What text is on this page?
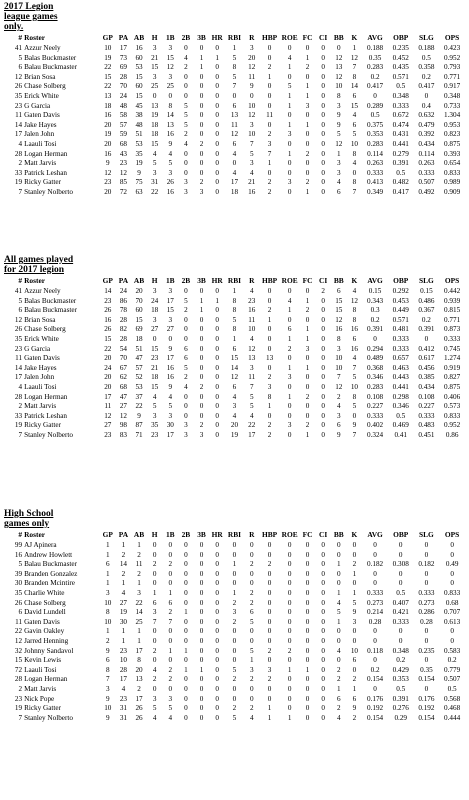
2017 Legion
league games
only.
#	Roster	GP	PA	AB	H	1B	2B	3B	HR	RBI	R	HBP	ROE	FC	CI	BB	K	AVG	OBP	SLG	OPS
41	Azzur Neely	10	17	16	3	3	0	0	0	1	3	0	0	0	0	0	1	0.188	0.235	0.188	0.423
5	Balas Buckmaster	19	73	60	21	15	4	1	1	5	20	0	4	1	0	12	12	0.35	0.452	0.5	0.952
6	Balau Buckmaster	22	69	53	15	12	2	1	0	8	12	2	1	2	0	13	7	0.283	0.435	0.358	0.793
12	Brian Sosa	15	28	15	3	3	0	0	0	5	11	1	0	0	0	12	8	0.2	0.571	0.2	0.771
26	Chase Solberg	22	70	60	25	25	0	0	0	7	9	0	5	1	0	10	14	0.417	0.5	0.417	0.917
35	Erick White	13	24	15	0	0	0	0	0	0	0	0	1	1	0	8	6	0	0.348	0	0.348
23	G Garcia	18	48	45	13	8	5	0	0	6	10	0	1	3	0	3	15	0.289	0.333	0.4	0.733
11	Gaten Davis	16	58	38	19	14	5	0	0	13	12	11	0	0	0	9	4	0.5	0.672	0.632	1.304
14	Jake Hayes	20	57	48	18	13	5	0	0	11	3	0	1	1	0	9	6	0.375	0.474	0.479	0.953
17	Jalen John	19	59	51	18	16	2	0	0	12	10	2	3	0	0	5	5	0.353	0.431	0.392	0.823
4	Laauli Tosi	20	68	53	15	9	4	2	0	6	7	3	0	0	0	12	10	0.283	0.441	0.434	0.875
28	Logan Herman	16	43	35	4	4	0	0	0	4	5	7	1	2	0	1	8	0.114	0.279	0.114	0.393
2	Matt Jarvis	9	23	19	5	5	0	0	0	0	3	1	0	0	0	3	4	0.263	0.391	0.263	0.654
33	Patrick Leshan	12	12	9	3	3	0	0	0	4	4	0	0	0	0	3	0	0.333	0.5	0.333	0.833
19	Ricky Gatter	23	85	75	31	26	3	2	0	17	21	2	3	2	0	4	8	0.413	0.482	0.507	0.989
7	Stanley Nolberto	20	72	63	22	16	3	3	0	18	16	2	0	1	0	6	7	0.349	0.417	0.492	0.909
All games played
for 2017 legion
#	Roster	GP	PA	AB	H	1B	2B	3B	HR	RBI	R	HBP	ROE	FC	CI	BB	K	AVG	OBP	SLG	OPS
41	Azzur Neely	14	24	20	3	3	0	0	0	1	4	0	0	0	2	6	4	0.15	0.292	0.15	0.442
5	Balas Buckmaster	23	86	70	24	17	5	1	1	8	23	0	4	1	0	15	12	0.343	0.453	0.486	0.939
6	Balau Buckmaster	26	78	60	18	15	2	1	0	8	16	2	1	2	0	15	8	0.3	0.449	0.367	0.815
12	Brian Sosa	16	28	15	3	3	0	0	0	5	11	1	0	0	0	12	8	0.2	0.571	0.2	0.771
26	Chase Solberg	26	82	69	27	27	0	0	0	8	10	0	6	1	0	16	16	0.391	0.481	0.391	0.873
35	Erick White	15	28	18	0	0	0	0	0	1	4	0	1	1	0	8	6	0	0.333	0	0.333
23	G Garcia	22	54	51	15	9	6	0	0	6	12	0	2	3	0	3	16	0.294	0.333	0.412	0.745
11	Gaten Davis	20	70	47	23	17	6	0	0	15	13	13	0	0	0	10	4	0.489	0.657	0.617	1.274
14	Jake Hayes	24	67	57	21	16	5	0	0	14	3	0	1	1	0	10	7	0.368	0.463	0.456	0.919
17	Jalen John	20	62	52	18	16	2	0	0	12	11	2	3	0	0	7	5	0.346	0.443	0.385	0.827
4	Laauli Tosi	20	68	53	15	9	4	2	0	6	7	3	0	0	0	12	10	0.283	0.441	0.434	0.875
28	Logan Herman	17	47	37	4	4	0	0	0	4	5	8	1	2	0	2	8	0.108	0.298	0.108	0.406
2	Matt Jarvis	11	27	22	5	5	0	0	0	3	5	1	0	0	0	4	5	0.227	0.346	0.227	0.573
33	Patrick Leshan	12	12	9	3	3	0	0	0	4	4	0	0	0	0	3	0	0.333	0.5	0.333	0.833
19	Ricky Gatter	27	98	87	35	30	3	2	0	20	22	2	3	2	0	6	9	0.402	0.469	0.483	0.952
7	Stanley Nolberto	23	83	71	23	17	3	3	0	19	17	2	0	1	0	9	7	0.324	0.41	0.451	0.86
High School
games only
#	Roster	GP	PA	AB	H	1B	2B	3B	HR	RBI	R	HBP	ROE	FC	CI	BB	K	AVG	OBP	SLG	OPS
99	AJ Apinera	1	1	1	0	0	0	0	0	0	0	0	0	0	0	0	0	0	0	0	0
16	Andrew Howlett	1	2	2	0	0	0	0	0	0	0	0	0	0	0	0	0	0	0	0	0
5	Balau Buckmaster	6	14	11	2	2	0	0	0	1	2	2	0	0	0	1	2	0.182	0.308	0.182	0.49
39	Branden Gonzalez	1	2	2	0	0	0	0	0	0	0	0	0	0	0	0	1	0	0	0	0
30	Branden Mcintire	1	1	1	0	0	0	0	0	0	0	0	0	0	0	0	0	0	0	0	0
35	Charlie White	3	4	3	1	1	0	0	0	1	2	0	0	0	0	1	1	0.333	0.5	0.333	0.833
26	Chase Solberg	10	27	22	6	6	0	0	0	2	2	0	0	0	0	4	5	0.273	0.407	0.273	0.68
6	David Lundell	8	19	14	3	2	1	0	0	3	6	0	0	0	0	5	9	0.214	0.421	0.286	0.707
11	Gaten Davis	10	30	25	7	7	0	0	0	2	5	0	0	0	0	1	3	0.28	0.333	0.28	0.613
22	Gavin Oakley	1	1	1	0	0	0	0	0	0	0	0	0	0	0	0	0	0	0	0	0
12	Jarred Henning	2	1	1	0	0	0	0	0	0	0	0	0	0	0	0	0	0	0	0	0
32	Johnny Sandavol	9	23	17	2	1	1	0	0	0	5	2	2	0	0	4	10	0.118	0.348	0.235	0.583
15	Kevin Lewis	6	10	8	0	0	0	0	0	0	1	0	0	0	0	0	6	0	0.2	0	0.2
72	Laauli Tosi	8	28	20	4	2	1	1	0	5	3	3	1	1	0	2	0	0.2	0.429	0.35	0.779
28	Logan Herman	7	17	13	2	2	0	0	0	2	2	2	0	0	0	2	2	0.154	0.353	0.154	0.507
2	Matt Jarvis	3	4	2	0	0	0	0	0	0	0	0	0	0	0	1	1	0	0.5	0	0.5
23	Nick Pope	9	23	17	3	3	0	0	0	0	0	0	0	0	0	6	6	0.176	0.391	0.176	0.568
19	Ricky Gatter	10	31	26	5	5	0	0	0	2	2	1	0	0	0	2	9	0.192	0.276	0.192	0.468
7	Stanley Nolberto	9	31	26	4	4	0	0	0	5	4	1	1	0	0	4	2	0.154	0.29	0.154	0.444
